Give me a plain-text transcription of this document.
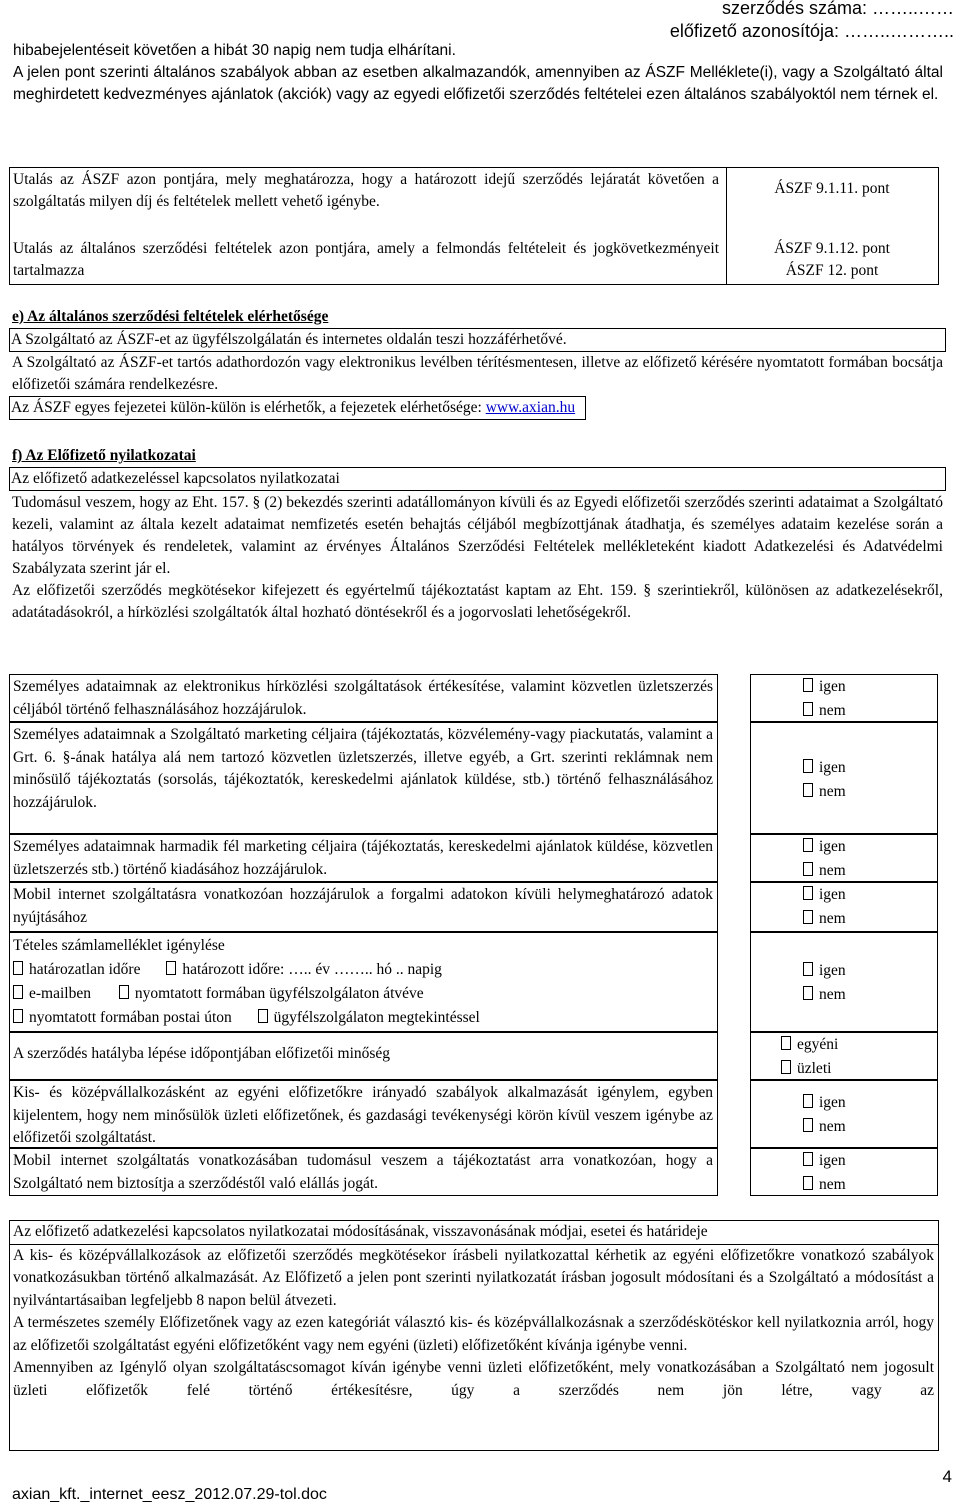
szerződés száma: ……..……
előfizető azonosítója: ……..………..
hibabejelentéseit követően a hibát 30 napig nem tudja elhárítani.
A jelen pont szerinti általános szabályok abban az esetben alkalmazandók, amennyiben az ÁSZF Melléklete(i), vagy a Szolgáltató által meghirdetett kedvezményes ajánlatok (akciók) vagy az egyedi előfizetői szerződés feltételei ezen általános szabályoktól nem térnek el.
Utalás az ÁSZF azon pontjára, mely meghatározza, hogy a határozott idejű szerződés lejáratát követően a szolgáltatás milyen díj és feltételek mellett vehető igénybe.
ÁSZF 9.1.11. pont
Utalás az általános szerződési feltételek azon pontjára, amely a felmondás feltételeit és jogkövetkezményeit tartalmazza
ÁSZF 9.1.12. pont
ÁSZF 12. pont
e) Az általános szerződési feltételek elérhetősége
A Szolgáltató az ÁSZF-et az ügyfélszolgálatán és internetes oldalán teszi hozzáférhetővé.
A Szolgáltató az ÁSZF-et tartós adathordozón vagy elektronikus levélben térítésmentesen, illetve az előfizető kérésére nyomtatott formában bocsátja előfizetői számára rendelkezésre.
Az ÁSZF egyes fejezetei külön-külön is elérhetők, a fejezetek elérhetősége: www.axian.hu
f) Az Előfizető nyilatkozatai
Az előfizető adatkezeléssel kapcsolatos nyilatkozatai
Tudomásul veszem, hogy az Eht. 157. § (2) bekezdés szerinti adatállományon kívüli és az Egyedi előfizetői szerződés szerinti adataimat a Szolgáltató kezeli, valamint az általa kezelt adataimat nemfizetés esetén behajtás céljából megbízottjának átadhatja, és személyes adataim kezelése során a hatályos törvények és rendeletek, valamint az érvényes Általános Szerződési Feltételek mellékleteként kiadott Adatkezelési és Adatvédelmi Szabályzata szerint jár el.
Az előfizetői szerződés megkötésekor kifejezett és egyértelmű tájékoztatást kaptam az Eht. 159. § szerintiekről, különösen az adatkezelésekről, adatátadásokról, a hírközlési szolgáltatók által hozható döntésekről és a jogorvoslati lehetőségekről.
Személyes adataimnak az elektronikus hírközlési szolgáltatások értékesítése, valamint közvetlen üzletszerzés céljából történő felhasználásához hozzájárulok.
igen
nem
Személyes adataimnak a Szolgáltató marketing céljaira (tájékoztatás, közvélemény-vagy piackutatás, valamint a Grt. 6. §-ának hatálya alá nem tartozó közvetlen üzletszerzés, illetve egyéb, a Grt. szerinti reklámnak nem minősülő tájékoztatás (sorsolás, tájékoztatók, kereskedelmi ajánlatok küldése, stb.) történő felhasználásához hozzájárulok.
igen
nem
Személyes adataimnak harmadik fél marketing céljaira (tájékoztatás, kereskedelmi ajánlatok küldése, közvetlen üzletszerzés stb.) történő kiadásához hozzájárulok.
igen
nem
Mobil internet szolgáltatásra vonatkozóan hozzájárulok a forgalmi adatokon kívüli helymeghatározó adatok nyújtásához
igen
nem
Tételes számlamelléklet igénylése
határozatlan időre	határozott időre: ….. év …….. hó .. napig
e-mailben	nyomtatott formában ügyfélszolgálaton átvéve
nyomtatott formában postai úton	ügyfélszolgálaton megtekintéssel
igen
nem
A szerződés hatályba lépése időpontjában előfizetői minőség
egyéni
üzleti
Kis- és középvállalkozásként az egyéni előfizetőkre irányadó szabályok alkalmazását igénylem, egyben kijelentem, hogy nem minősülök üzleti előfizetőnek, és gazdasági tevékenységi körön kívül veszem igénybe az előfizetői szolgáltatást.
igen
nem
Mobil internet szolgáltatás vonatkozásában tudomásul veszem a tájékoztatást arra vonatkozóan, hogy a Szolgáltató nem biztosítja a szerződéstől való elállás jogát.
igen
nem
Az előfizető adatkezelési kapcsolatos nyilatkozatai módosításának, visszavonásának módjai, esetei és határideje
A kis- és középvállalkozások az előfizetői szerződés megkötésekor írásbeli nyilatkozattal kérhetik az egyéni előfizetőkre vonatkozó szabályok vonatkozásukban történő alkalmazását. Az Előfizető a jelen pont szerinti nyilatkozatát írásban jogosult módosítani és a Szolgáltató a módosítást a nyilvántartásaiban legfeljebb 8 napon belül átvezeti.
A természetes személy Előfizetőnek vagy az ezen kategóriát választó kis- és középvállalkozásnak a szerződéskötéskor kell nyilatkoznia arról, hogy az előfizetői szolgáltatást egyéni előfizetőként vagy nem egyéni (üzleti) előfizetőként kívánja igénybe venni.
Amennyiben az Igénylő olyan szolgáltatáscsomagot kíván igénybe venni üzleti előfizetőként, mely vonatkozásában a Szolgáltató nem jogosult üzleti előfizetők felé történő értékesítésre, úgy a szerződés nem jön létre, vagy az
axian_kft._internet_eesz_2012.07.29-tol.doc
4
